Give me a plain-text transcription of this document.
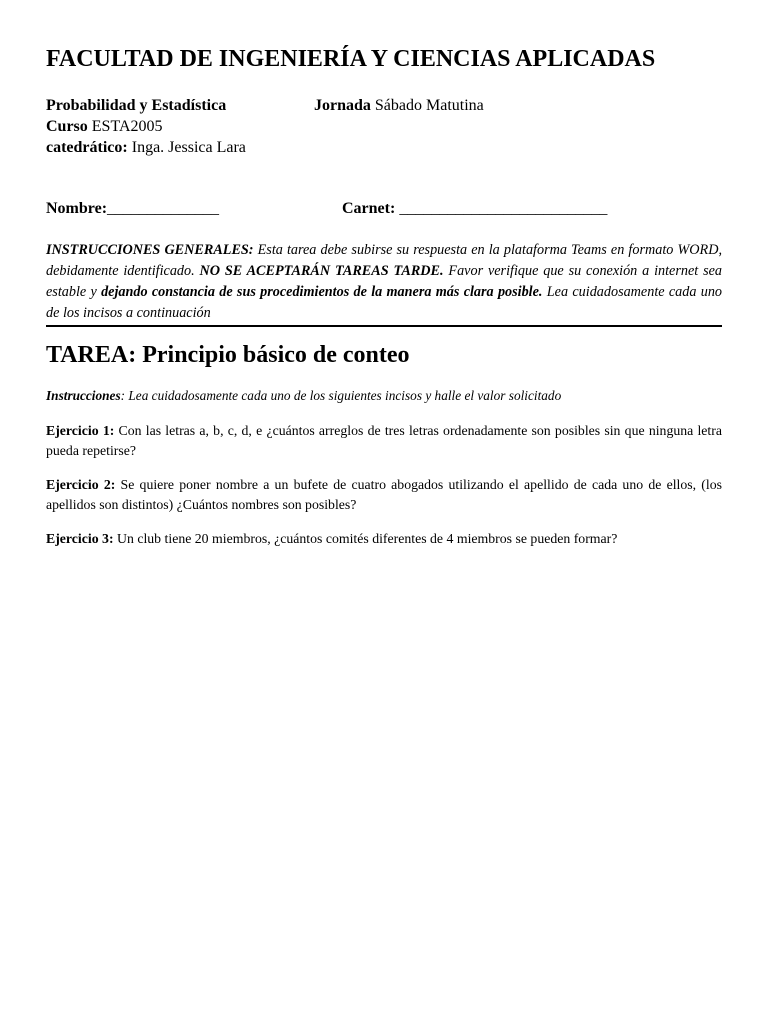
FACULTAD DE INGENIERÍA Y CIENCIAS APLICADAS
Probabilidad y Estadística	Jornada Sábado Matutina
Curso ESTA2005
catedrático: Inga. Jessica Lara
Nombre: ______________	Carnet: __________________________
INSTRUCCIONES GENERALES: Esta tarea debe subirse su respuesta en la plataforma Teams en formato WORD, debidamente identificado. NO SE ACEPTARÁN TAREAS TARDE. Favor verifique que su conexión a internet sea estable y dejando constancia de sus procedimientos de la manera más clara posible. Lea cuidadosamente cada uno de los incisos a continuación
TAREA: Principio básico de conteo
Instrucciones: Lea cuidadosamente cada uno de los siguientes incisos y halle el valor solicitado
Ejercicio 1: Con las letras a, b, c, d, e ¿cuántos arreglos de tres letras ordenadamente son posibles sin que ninguna letra pueda repetirse?
Ejercicio 2: Se quiere poner nombre a un bufete de cuatro abogados utilizando el apellido de cada uno de ellos, (los apellidos son distintos) ¿Cuántos nombres son posibles?
Ejercicio 3: Un club tiene 20 miembros, ¿cuántos comités diferentes de 4 miembros se pueden formar?
